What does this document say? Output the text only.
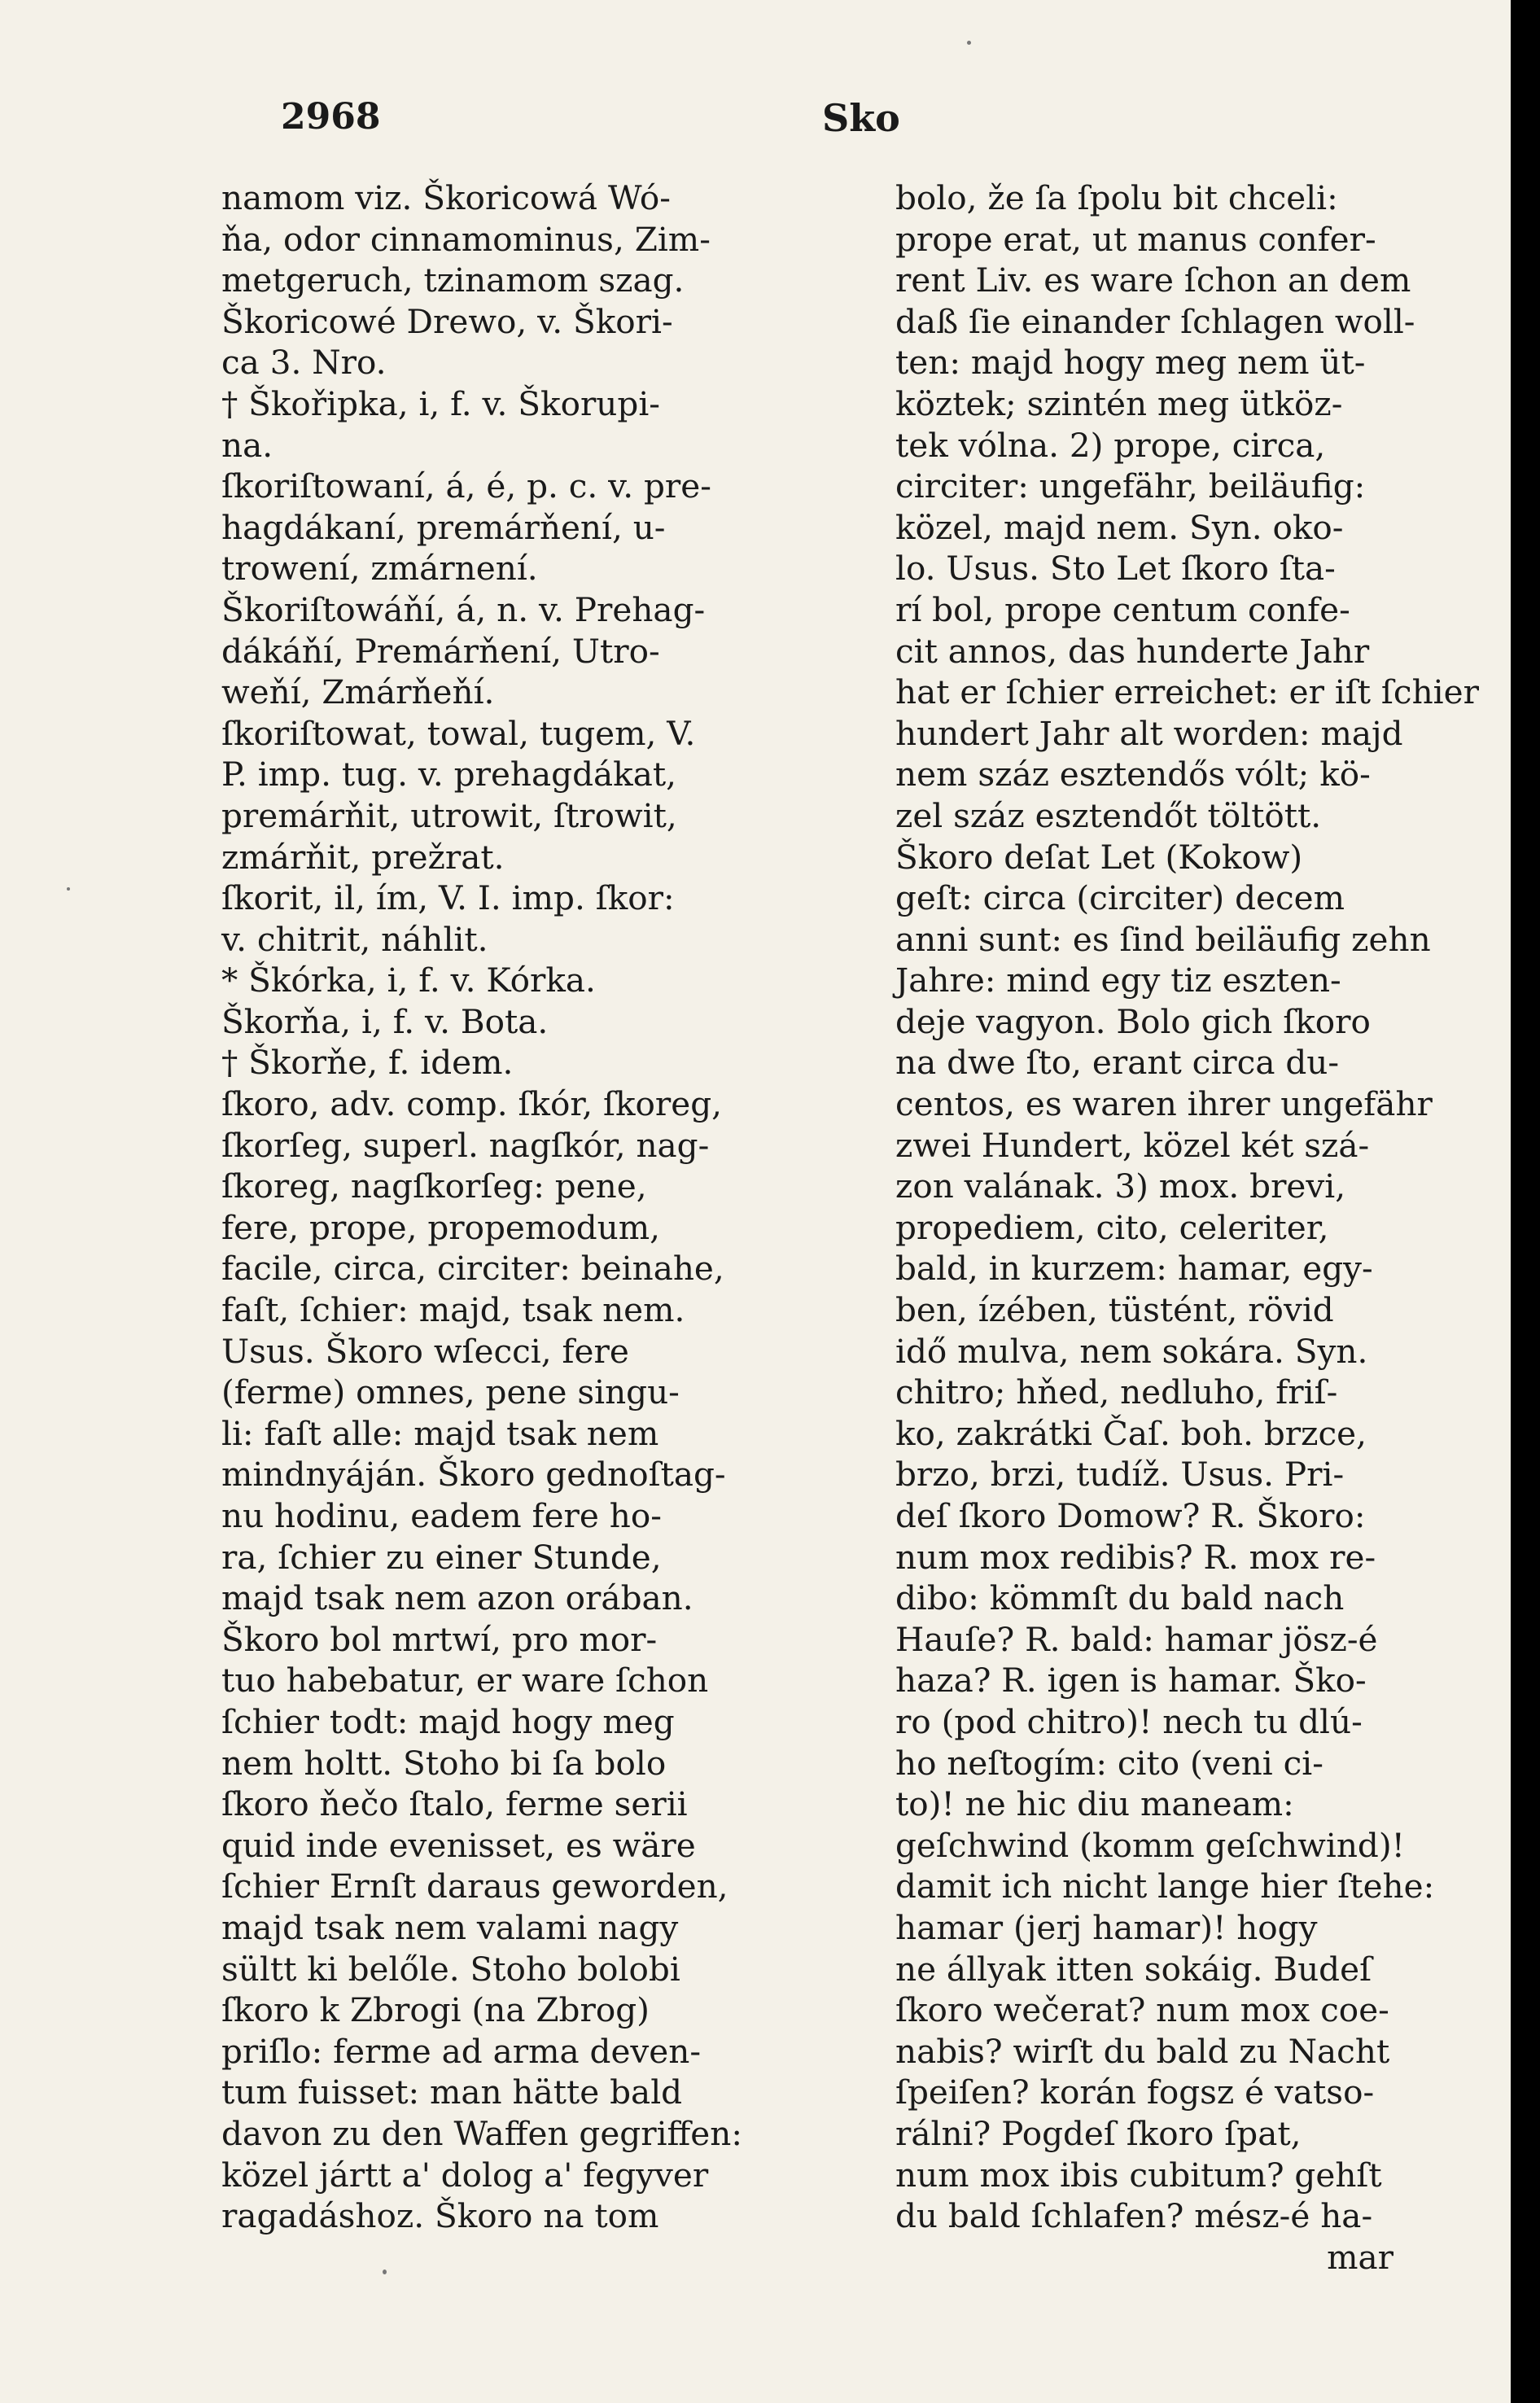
2968	Sko
namom viz. Škoricowá Wó-
ňa, odor cinnamominus, Zim-
metgeruch, tzinamom szag.
Škoricowé Drewo, v. Škori-
ca 3. Nro.
† Škořipka, i, f. v. Škorupi-
na.
ſkoriſtowaní, á, é, p. c. v. pre-
hagdákaní, premárňení, u-
trowení, zmárnení.
Škoriſtowáňí, á, n. v. Prehag-
dákáňí, Premárňení, Utro-
weňí, Zmárňeňí.
ſkoriſtowat, towal, tugem, V.
P. imp. tug. v. prehagdákat,
premárňit, utrowit, ſtrowit,
zmárňit, prežrat.
ſkorit, il, ím, V. I. imp. ſkor:
v. chitrit, náhlit.
* Škórka, i, f. v. Kórka.
Škorňa, i, f. v. Bota.
† Škorňe, f. idem.
ſkoro, adv. comp. ſkór, ſkoreg,
ſkorſeg, superl. nagſkór, nag-
ſkoreg, nagſkorſeg: pene,
fere, prope, propemodum,
facile, circa, circiter: beinahe,
faſt, ſchier: majd, tsak nem.
Usus. Škoro wſecci, fere
(ferme) omnes, pene singu-
li: faſt alle: majd tsak nem
mindnyáján. Škoro gednoſtag-
nu hodinu, eadem fere ho-
ra, ſchier zu einer Stunde,
majd tsak nem azon orában.
Škoro bol mrtwí, pro mor-
tuo habebatur, er ware ſchon
ſchier todt: majd hogy meg
nem holtt. Stoho bi ſa bolo
ſkoro ňečo ſtalo, ferme serii
quid inde evenisset, es wäre
ſchier Ernſt daraus geworden,
majd tsak nem valami nagy
sültt ki belőle. Stoho bolobi
ſkoro k Zbrogi (na Zbrog)
priſlo: ferme ad arma deven-
tum fuisset: man hätte bald
davon zu den Waffen gegriffen:
közel jártt a' dolog a' fegyver
ragadáshoz. Škoro na tom
bolo, že ſa ſpolu bit chceli:
prope erat, ut manus confer-
rent Liv. es ware ſchon an dem
daß ſie einander ſchlagen woll-
ten: majd hogy meg nem üt-
köztek; szintén meg ütköz-
tek vólna. 2) prope, circa,
circiter: ungefähr, beiläufig:
közel, majd nem. Syn. oko-
lo. Usus. Sto Let ſkoro ſta-
rí bol, prope centum confe-
cit annos, das hunderte Jahr
hat er ſchier erreichet: er iſt ſchier
hundert Jahr alt worden: majd
nem száz esztendős vólt; kö-
zel száz esztendőt töltött.
Škoro deſat Let (Kokow)
geſt: circa (circiter) decem
anni sunt: es ſind beiläufig zehn
Jahre: mind egy tiz eszten-
deje vagyon. Bolo gich ſkoro
na dwe ſto, erant circa du-
centos, es waren ihrer ungefähr
zwei Hundert, közel két szá-
zon valának. 3) mox. brevi,
propediem, cito, celeriter,
bald, in kurzem: hamar, egy-
ben, ízében, tüstént, rövid
idő mulva, nem sokára. Syn.
chitro; hňed, nedluho, friſ-
ko, zakrátki Čaſ. boh. brzce,
brzo, brzi, tudíž. Usus. Pri-
deſ ſkoro Domow? R. Škoro:
num mox redibis? R. mox re-
dibo: kömmſt du bald nach
Hauſe? R. bald: hamar jösz-é
haza? R. igen is hamar. Ško-
ro (pod chitro)! nech tu dlú-
ho neſtogím: cito (veni ci-
to)! ne hic diu maneam:
geſchwind (komm geſchwind)!
damit ich nicht lange hier ſtehe:
hamar (jerj hamar)! hogy
ne állyak itten sokáig. Budeſ
ſkoro wečerat? num mox coe-
nabis? wirſt du bald zu Nacht
ſpeiſen? korán fogsz é vatso-
rálni? Pogdeſ ſkoro ſpat,
num mox ibis cubitum? gehſt
du bald ſchlafen? mész-é ha-
mar
